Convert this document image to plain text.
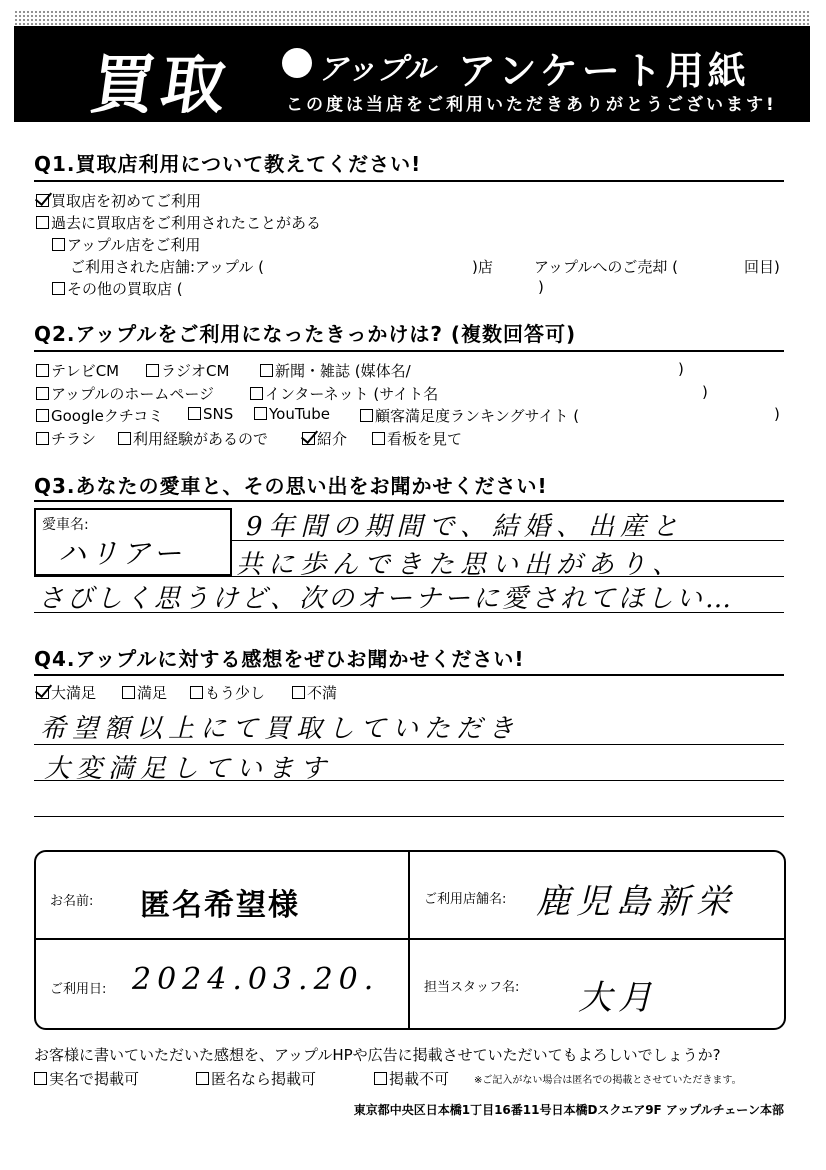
買取	アップル アンケート用紙
この度は当店をご利用いただきありがとうございます!
Q1.買取店利用について教えてください!
買取店を初めてご利用
過去に買取店をご利用されたことがある
アップル店をご利用
ご利用された店舗:アップル (	)店	アップルへのご売却 (	回目)
その他の買取店 (	)
Q2.アップルをご利用になったきっかけは? (複数回答可)
テレビCM	ラジオCM	新聞・雑誌 (媒体名/	)
アップルのホームページ	インターネット (サイト名	)
Googleクチコミ	SNS	YouTube	顧客満足度ランキングサイト (	)
チラシ	利用経験があるので	紹介	看板を見て
Q3.あなたの愛車と、その思い出をお聞かせください!
愛車名:
ハリアー
9年間の期間で、結婚、出産と
共に歩んできた思い出があり、
さびしく思うけど、次のオーナーに愛されてほしい…
Q4.アップルに対する感想をぜひお聞かせください!
大満足	満足	もう少し	不満
希望額以上にて買取していただき
大変満足しています
お名前: 匿名希望様	ご利用店舗名: 鹿児島新栄
ご利用日: 2024.03.20.	担当スタッフ名: 大月
お客様に書いていただいた感想を、アップルHPや広告に掲載させていただいてもよろしいでしょうか?
実名で掲載可	匿名なら掲載可	掲載不可 ※ご記入がない場合は匿名での掲載とさせていただきます。
東京都中央区日本橋1丁目16番11号日本橋Dスクエア9F アップルチェーン本部
